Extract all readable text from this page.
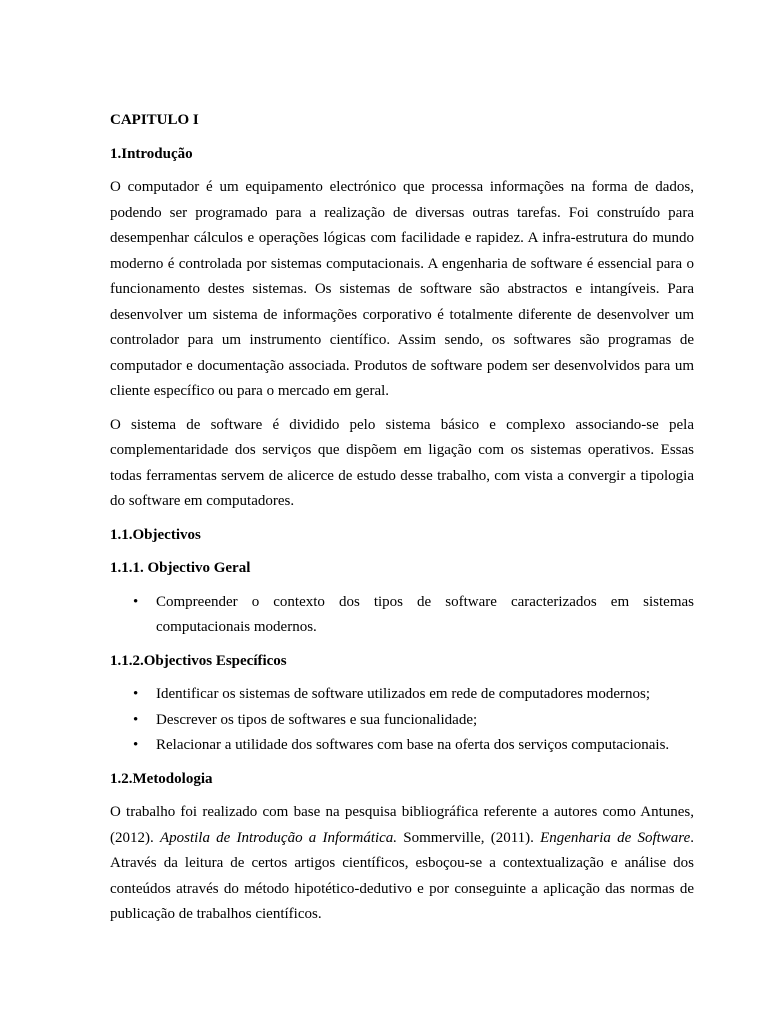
CAPITULO I
1.Introdução

O computador é um equipamento electrónico que processa informações na forma de dados, podendo ser programado para a realização de diversas outras tarefas. Foi construído para desempenhar cálculos e operações lógicas com facilidade e rapidez. A infra-estrutura do mundo moderno é controlada por sistemas computacionais. A engenharia de software é essencial para o funcionamento destes sistemas. Os sistemas de software são abstractos e intangíveis. Para desenvolver um sistema de informações corporativo é totalmente diferente de desenvolver um controlador para um instrumento científico. Assim sendo, os softwares são programas de computador e documentação associada. Produtos de software podem ser desenvolvidos para um cliente específico ou para o mercado em geral.

O sistema de software é dividido pelo sistema básico e complexo associando-se pela complementaridade dos serviços que dispõem em ligação com os sistemas operativos. Essas todas ferramentas servem de alicerce de estudo desse trabalho, com vista a convergir a tipologia do software em computadores.

1.1.Objectivos
1.1.1. Objectivo Geral
• Compreender o contexto dos tipos de software caracterizados em sistemas computacionais modernos.
1.1.2.Objectivos Específicos
• Identificar os sistemas de software utilizados em rede de computadores modernos;
• Descrever os tipos de softwares e sua funcionalidade;
• Relacionar a utilidade dos softwares com base na oferta dos serviços computacionais.
1.2.Metodologia

O trabalho foi realizado com base na pesquisa bibliográfica referente a autores como Antunes, (2012). Apostila de Introdução a Informática. Sommerville, (2011). Engenharia de Software. Através da leitura de certos artigos científicos, esboçou-se a contextualização e análise dos conteúdos através do método hipotético-dedutivo e por conseguinte a aplicação das normas de publicação de trabalhos científicos.
